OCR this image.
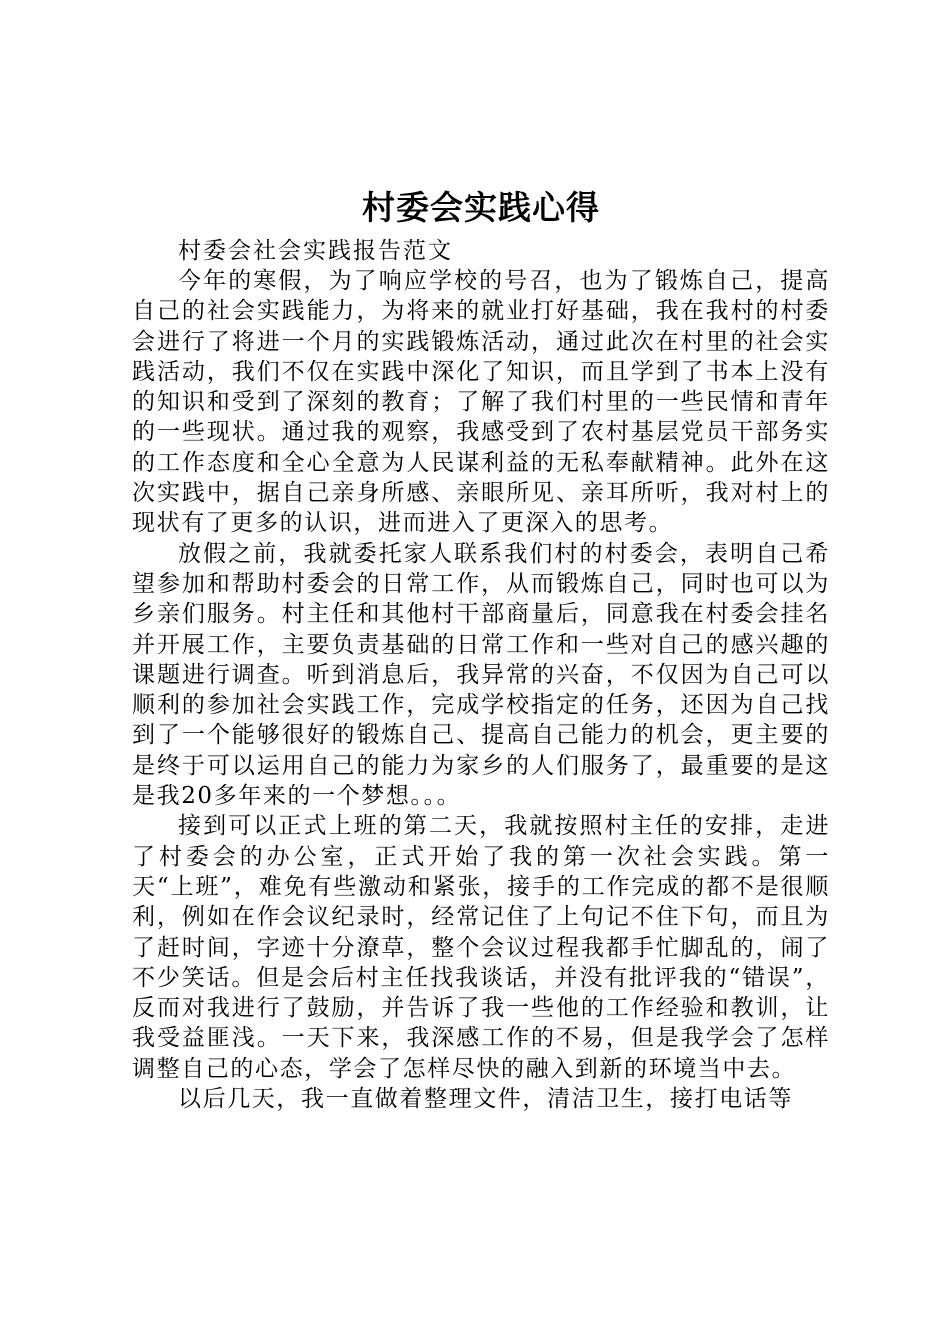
村委会实践心得

村委会社会实践报告范文

今年的寒假，为了响应学校的号召，也为了锻炼自己，提高自己的社会实践能力，为将来的就业打好基础，我在我村的村委会进行了将进一个月的实践锻炼活动，通过此次在村里的社会实践活动，我们不仅在实践中深化了知识，而且学到了书本上没有的知识和受到了深刻的教育；了解了我们村里的一些民情和青年的一些现状。通过我的观察，我感受到了农村基层党员干部务实的工作态度和全心全意为人民谋利益的无私奉献精神。此外在这次实践中，据自己亲身所感、亲眼所见、亲耳所听，我对村上的现状有了更多的认识，进而进入了更深入的思考。

放假之前，我就委托家人联系我们村的村委会，表明自己希望参加和帮助村委会的日常工作，从而锻炼自己，同时也可以为乡亲们服务。村主任和其他村干部商量后，同意我在村委会挂名并开展工作，主要负责基础的日常工作和一些对自己的感兴趣的课题进行调查。听到消息后，我异常的兴奋，不仅因为自己可以顺利的参加社会实践工作，完成学校指定的任务，还因为自己找到了一个能够很好的锻炼自己、提高自己能力的机会，更主要的是终于可以运用自己的能力为家乡的人们服务了，最重要的是这是我20多年来的一个梦想。。。

接到可以正式上班的第二天，我就按照村主任的安排，走进了村委会的办公室，正式开始了我的第一次社会实践。第一天“上班”，难免有些激动和紧张，接手的工作完成的都不是很顺利，例如在作会议纪录时，经常记住了上句记不住下句，而且为了赶时间，字迹十分潦草，整个会议过程我都手忙脚乱的，闹了不少笑话。但是会后村主任找我谈话，并没有批评我的“错误”，反而对我进行了鼓励，并告诉了我一些他的工作经验和教训，让我受益匪浅。一天下来，我深感工作的不易，但是我学会了怎样调整自己的心态，学会了怎样尽快的融入到新的环境当中去。

以后几天，我一直做着整理文件，清洁卫生，接打电话等
